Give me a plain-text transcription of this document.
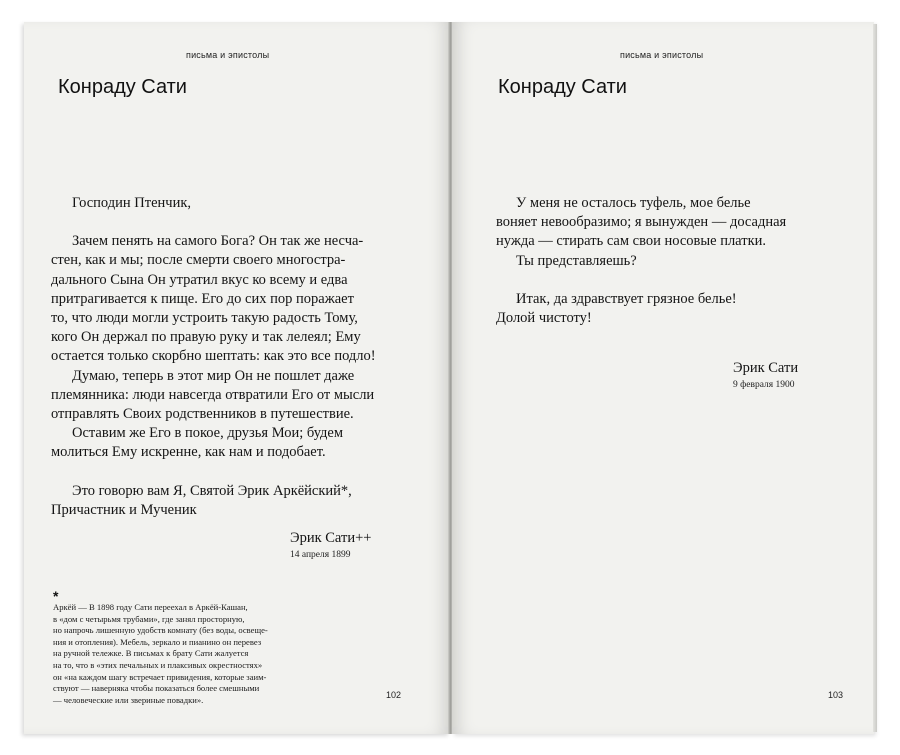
письма и эпистолы
Конраду Сати
Господин Птенчик,
Зачем пенять на самого Бога? Он так же несча-
стен, как и мы; после смерти своего многостра-
дального Сына Он утратил вкус ко всему и едва
притрагивается к пище. Его до сих пор поражает
то, что люди могли устроить такую радость Тому,
кого Он держал по правую руку и так лелеял; Ему
остается только скорбно шептать: как это все подло!
Думаю, теперь в этот мир Он не пошлет даже
племянника: люди навсегда отвратили Его от мысли
отправлять Своих родственников в путешествие.
Оставим же Его в покое, друзья Мои; будем
молиться Ему искренне, как нам и подобает.
Это говорю вам Я, Святой Эрик Аркёйский*,
Причастник и Мученик
Эрик Сати++
14 апреля 1899
*
Аркёй — В 1898 году Сати переехал в Аркёй-Кашан,
в «дом с четырьмя трубами», где занял просторную,
но напрочь лишенную удобств комнату (без воды, освеще-
ния и отопления). Мебель, зеркало и пианино он перевез
на ручной тележке. В письмах к брату Сати жалуется
на то, что в «этих печальных и плаксивых окрестностях»
он «на каждом шагу встречает привидения, которые заим-
ствуют — наверняка чтобы показаться более смешными
— человеческие или звериные повадки».	102
письма и эпистолы
Конраду Сати
У меня не осталось туфель, мое белье
воняет невообразимо; я вынужден — досадная
нужда — стирать сам свои носовые платки.
Ты представляешь?
Итак, да здравствует грязное белье!
Долой чистоту!
Эрик Сати
9 февраля 1900
103
